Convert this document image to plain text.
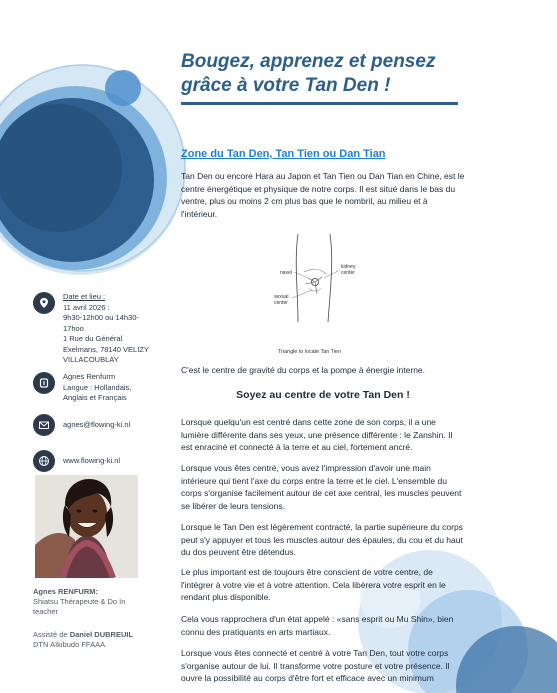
Bougez, apprenez et pensez
grâce à votre Tan Den !
Zone du Tan Den, Tan Tien ou Dan Tian

Tan Den ou encore Hara au Japon et Tan Tien ou Dan Tian en Chine, est le centre énergétique et physique de notre corps. Il est situé dans le bas du ventre, plus ou moins 2 cm plus bas que le nombril, au milieu et à l'intérieur.

navel
kidney
center
sexual
center
Triangle to locate Tan Tien

C'est le centre de gravité du corps et la pompe à énergie interne.

Soyez au centre de votre Tan Den !

Lorsque quelqu'un est centré dans cette zone de son corps, il a une lumière différente dans ses yeux, une présence différente : le Zanshin. Il est enraciné et connecté à la terre et au ciel, fortement ancré.

Lorsque vous êtes centré, vous avez l'impression d'avoir une main intérieure qui tient l'axe du corps entre la terre et le ciel. L'ensemble du corps s'organise facilement autour de cet axe central, les muscles peuvent se libérer de leurs tensions.

Lorsque le Tan Den est légèrement contracté, la partie supérieure du corps peut s'y appuyer et tous les muscles autour des épaules, du cou et du haut du dos peuvent être détendus.

Le plus important est de toujours être conscient de votre centre, de l'intégrer à votre vie et à votre attention. Cela libèrera votre esprit en le rendant plus disponible.

Cela vous rapprochera d'un état appelé : «sans esprit ou Mu Shin», bien connu des pratiquants en arts martiaux.

Lorsque vous êtes connecté et centré à votre Tan Den, tout votre corps s'organise autour de lui. Il transforme votre posture et votre présence. Il ouvre la possibilité au corps d'être fort et efficace avec un minimum

Date et lieu :
11 avril 2026 :
9h30-12h00 ou 14h30-
17hoo
1 Rue du Général
Exelmans, 78140 VELIZY
VILLACOUBLAY
Agnes Renfurm
Langue : Hollandais,
Anglais et Français
agnes@flowing-ki.nl
www.flowing-ki.nl
Agnes RENFURM:
Shiatsu Thérapeute & Do In
teacher
Assisté de Daniel DUBREUIL
DTN Aïkibudo FFAAA
